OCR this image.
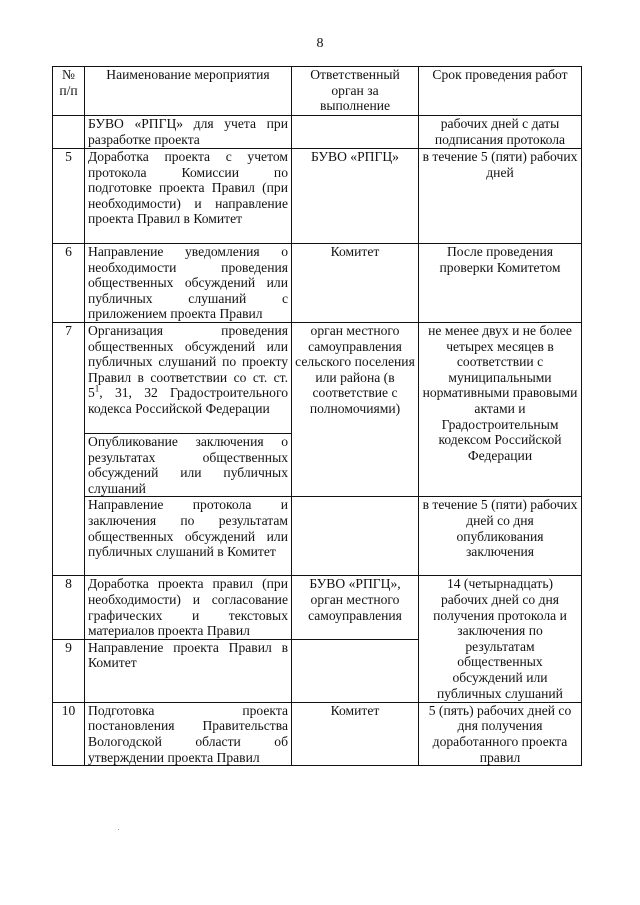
8
№ п/п	Наименование мероприятия	Ответственный орган за выполнение	Срок проведения работ
	БУВО «РПГЦ» для учета при разработке проекта		рабочих дней с даты подписания протокола
5	Доработка проекта с учетом протокола Комиссии по подготовке проекта Правил (при необходимости) и направление проекта Правил в Комитет	БУВО «РПГЦ»	в течение 5 (пяти) рабочих дней
6	Направление уведомления о необходимости проведения общественных обсуждений или публичных слушаний с приложением проекта Правил	Комитет	После проведения проверки Комитетом
7	Организация проведения общественных обсуждений или публичных слушаний по проекту Правил в соответствии со ст. ст. $5^1$, 31, 32 Градостроительного кодекса Российской Федерации	орган местного самоуправления сельского поселения или района (в соответствие с полномочиями)	не менее двух и не более четырех месяцев в соответствии с муниципальными нормативными правовыми актами и Градостроительным кодексом Российской Федерации
	Опубликование заключения о результатах общественных обсуждений или публичных слушаний		
	Направление протокола и заключения по результатам общественных обсуждений или публичных слушаний в Комитет		в течение 5 (пяти) рабочих дней со дня опубликования заключения
8	Доработка проекта правил (при необходимости) и согласование графических и текстовых материалов проекта Правил	БУВО «РПГЦ», орган местного самоуправления	14 (четырнадцать) рабочих дней со дня получения протокола и заключения по результатам общественных обсуждений или публичных слушаний
9	Направление проекта Правил в Комитет		
10	Подготовка проекта постановления Правительства Вологодской области об утверждении проекта Правил	Комитет	5 (пять) рабочих дней со дня получения доработанного проекта правил
